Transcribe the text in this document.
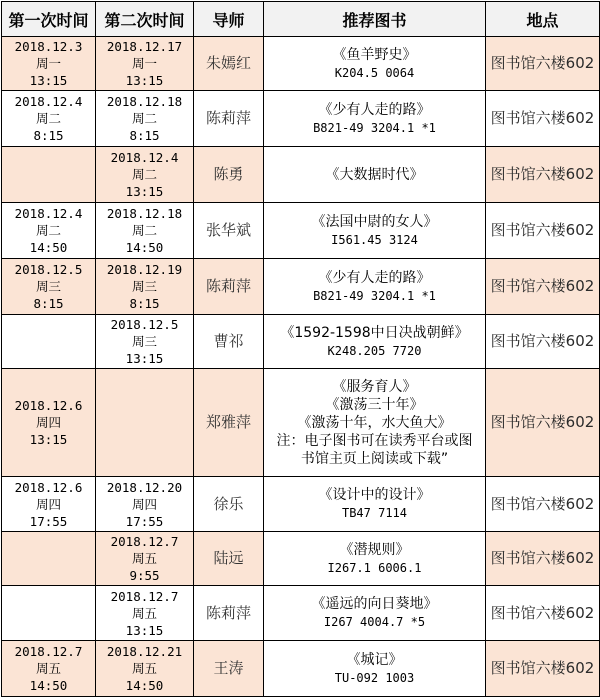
第一次时间	第二次时间	导师	推荐图书	地点

2018.12.3
周一
13:15	2018.12.17
周一
13:15	朱嫣红	《鱼羊野史》
K204.5 0064	图书馆六楼602

2018.12.4
周二
8:15	2018.12.18
周二
8:15	陈莉萍	《少有人走的路》
B821-49 3204.1 *1	图书馆六楼602

	2018.12.4
周二
13:15	陈勇	《大数据时代》	图书馆六楼602

2018.12.4
周二
14:50	2018.12.18
周二
14:50	张华斌	《法国中尉的女人》
I561.45 3124	图书馆六楼602

2018.12.5
周三
8:15	2018.12.19
周三
8:15	陈莉萍	《少有人走的路》
B821-49 3204.1 *1	图书馆六楼602

	2018.12.5
周三
13:15	曹祁	《1592-1598中日决战朝鲜》
K248.205 7720	图书馆六楼602

2018.12.6
周四
13:15		郑雅萍	《服务育人》
《激荡三十年》
《激荡十年，水大鱼大》
注：电子图书可在读秀平台或图
书馆主页上阅读或下载”	图书馆六楼602

2018.12.6
周四
17:55	2018.12.20
周四
17:55	徐乐	《设计中的设计》
TB47 7114	图书馆六楼602

	2018.12.7
周五
9:55	陆远	《潜规则》
I267.1 6006.1	图书馆六楼602

	2018.12.7
周五
13:15	陈莉萍	《遥远的向日葵地》
I267 4004.7 *5	图书馆六楼602

2018.12.7
周五
14:50	2018.12.21
周五
14:50	王涛	《城记》
TU-092 1003	图书馆六楼602
